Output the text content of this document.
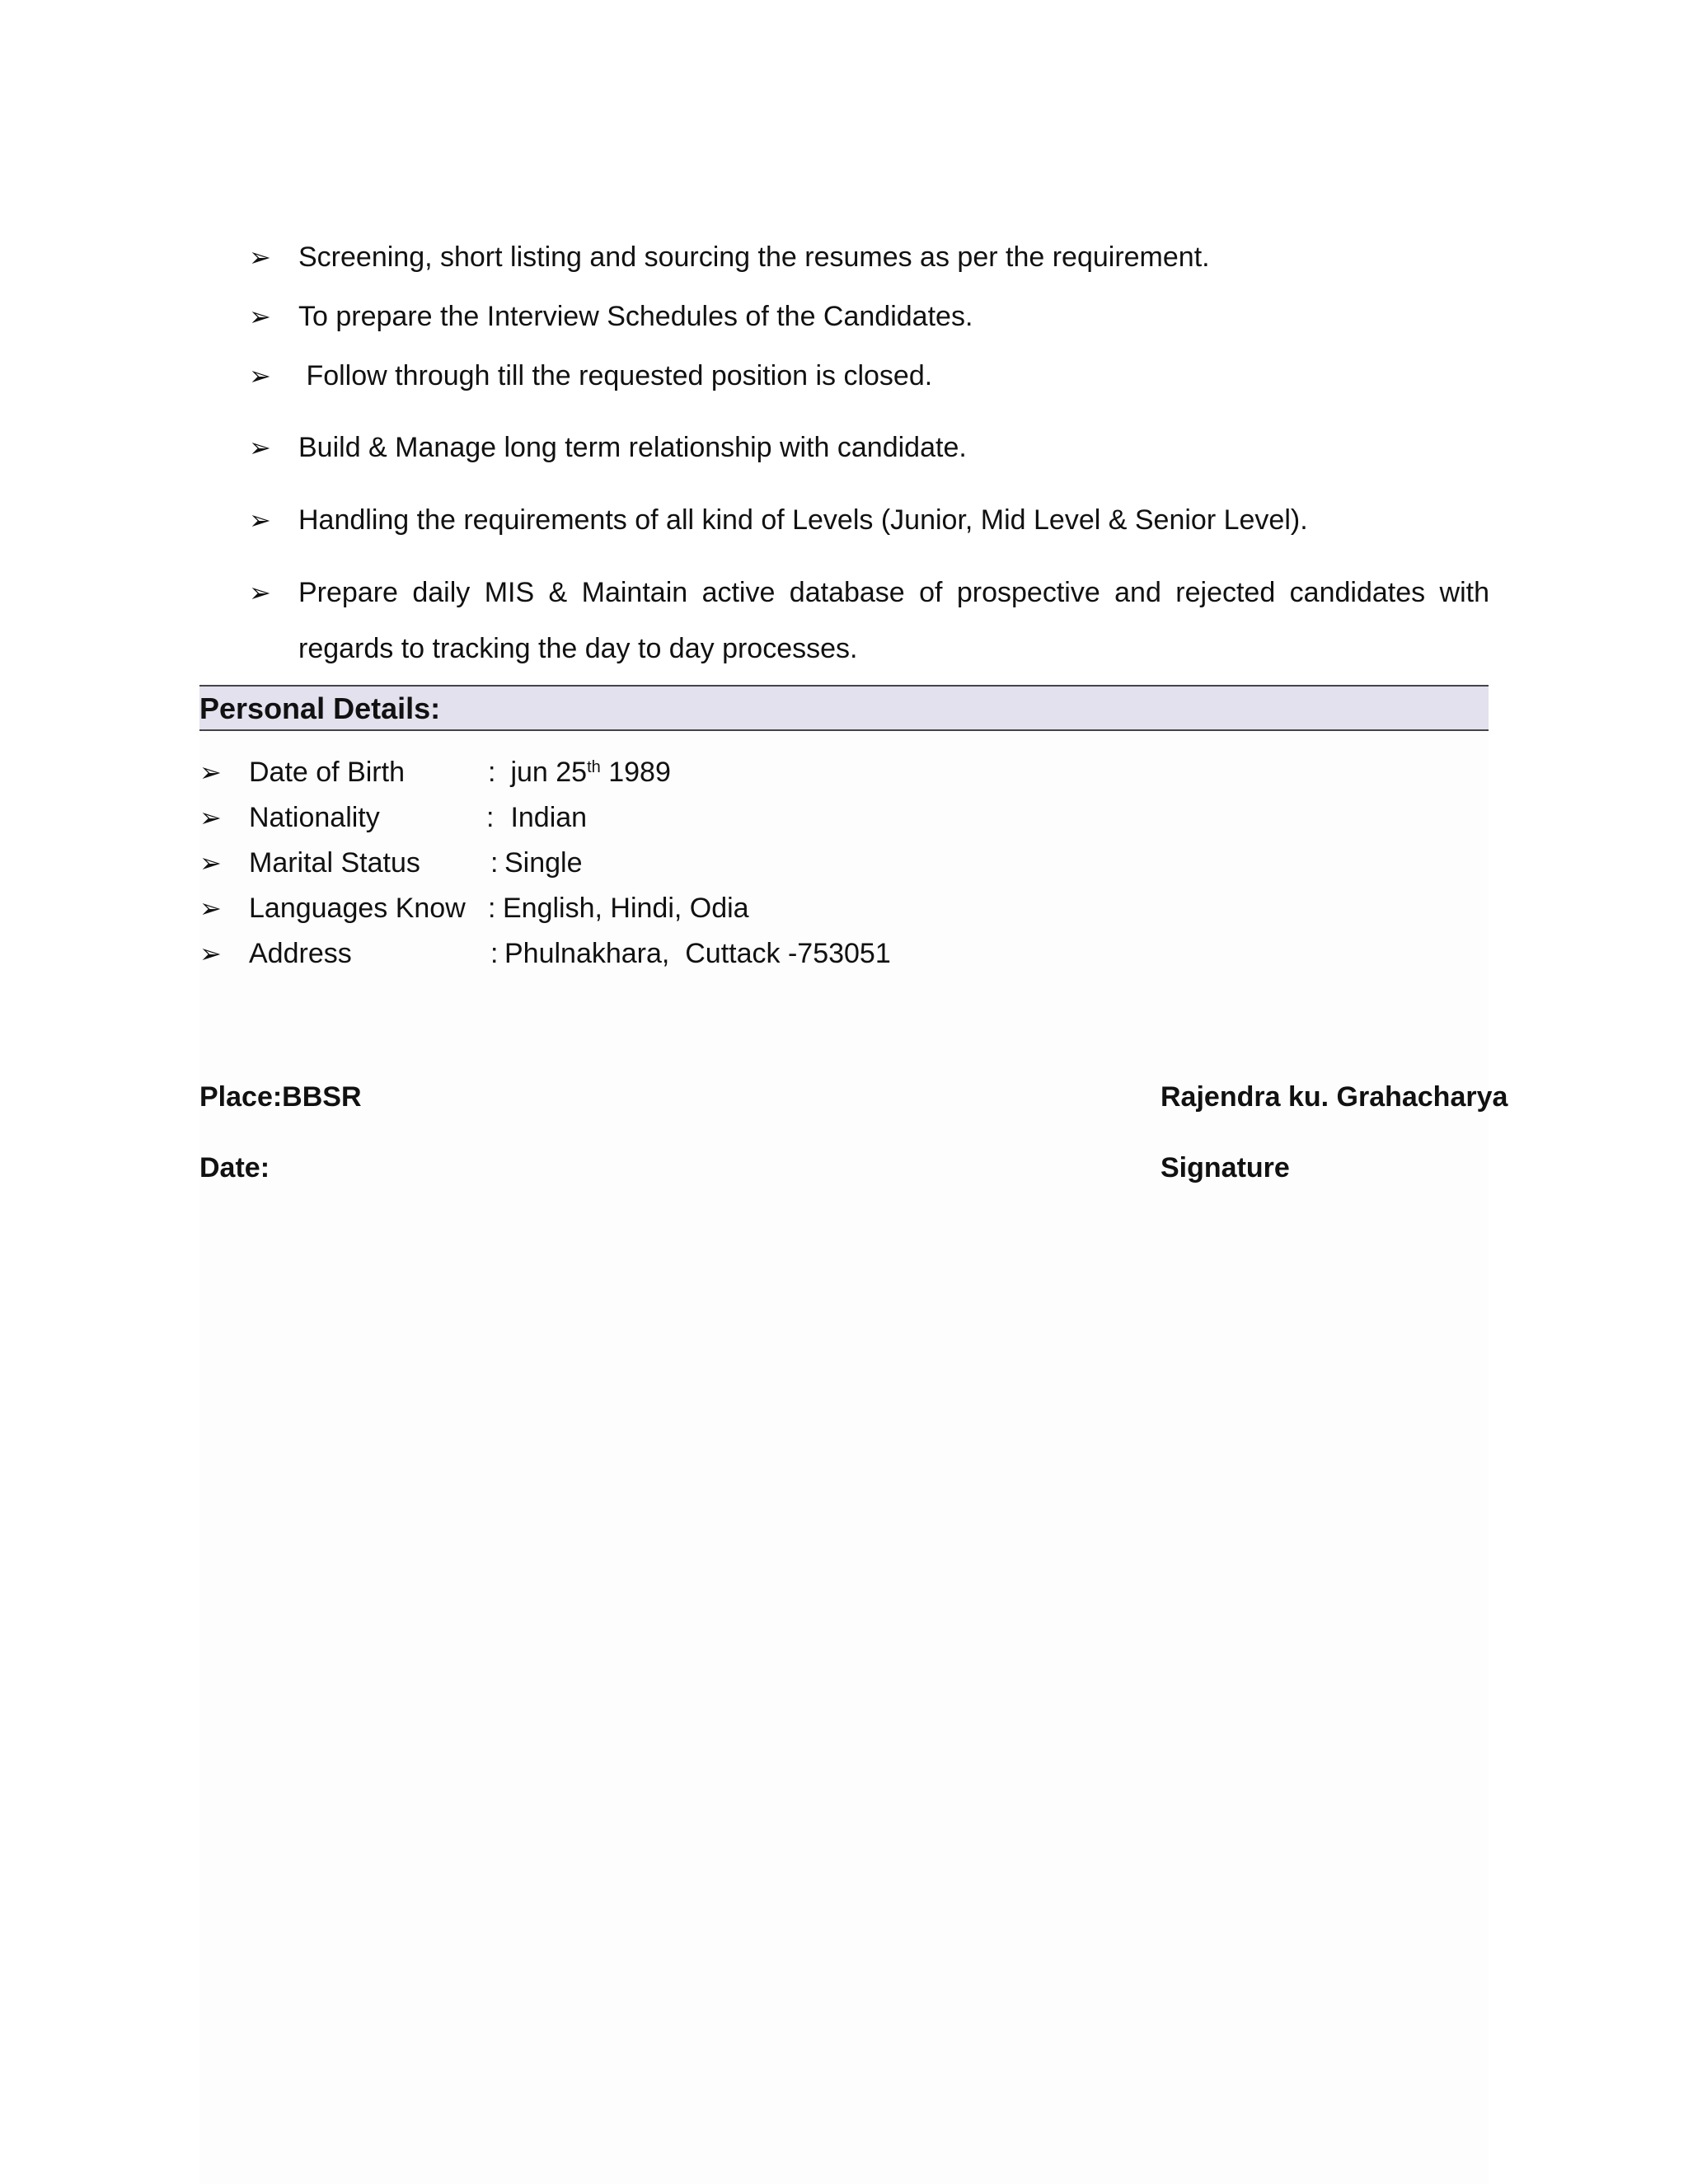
➢ Screening, short listing and sourcing the resumes as per the requirement.
➢ To prepare the Interview Schedules of the Candidates.
➢ Follow through till the requested position is closed.
➢ Build & Manage long term relationship with candidate.
➢ Handling the requirements of all kind of Levels (Junior, Mid Level & Senior Level).
➢ Prepare daily MIS & Maintain active database of prospective and rejected candidates with regards to tracking the day to day processes.
Personal Details:
➢ Date of Birth	: jun 25th 1989
➢ Nationality	: Indian
➢ Marital Status	: Single
➢ Languages Know : English, Hindi, Odia
➢ Address	: Phulnakhara,  Cuttack -753051
Place:BBSR
Date:
Rajendra ku. Grahacharya
Signature
